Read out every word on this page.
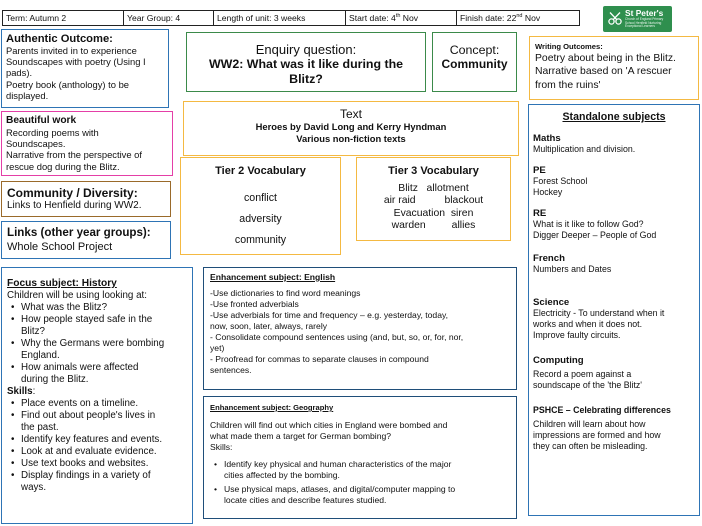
Term: Autumn 2	Year Group: 4	Length of unit: 3 weeks	Start date: 4th Nov	Finish date: 22nd Nov	St Peter's
Church of England Primary School Henfield Nurturing Exceptional Learners
Authentic Outcome:
Parents invited in to experience
Soundscapes with poetry (Using I
pads).
Poetry book (anthology) to be
displayed.
Enquiry question:
WW2: What was it like during the
Blitz?
Concept:
Community
Writing Outcomes:
Poetry about being in the Blitz.
Narrative based on 'A rescuer
from the ruins'
Beautiful work
Recording poems with
Soundscapes.
Narrative from the perspective of
rescue dog during the Blitz.
Text
Heroes by David Long and Kerry Hyndman
Various non-fiction texts
Community / Diversity:
Links to Henfield during WW2.
Tier 2 Vocabulary
conflict
adversity
community
Tier 3 Vocabulary
Blitz   allotment
air raid          blackout
Evacuation  siren
warden         allies
Links (other year groups):
Whole School Project
Standalone subjects
Maths
Multiplication and division.
PE
Forest School
Hockey
RE
What is it like to follow God?
Digger Deeper – People of God
French
Numbers and Dates
Science
Electricity - To understand when it
works and when it does not.
Improve faulty circuits.
Computing
Record a poem against a
soundscape of the 'the Blitz'
PSHCE – Celebrating differences
Children will learn about how
impressions are formed and how
they can often be misleading.
Focus subject: History
Children will be using looking at:
• What was the Blitz?
• How people stayed safe in the
Blitz?
• Why the Germans were bombing
England.
• How animals were affected
during the Blitz.
Skills:
• Place events on a timeline.
• Find out about people's lives in
the past.
• Identify key features and events.
• Look at and evaluate evidence.
• Use text books and websites.
• Display findings in a variety of
ways.
Enhancement subject: English
-Use dictionaries to find word meanings
-Use fronted adverbials
-Use adverbials for time and frequency – e.g. yesterday, today,
now, soon, later, always, rarely
- Consolidate compound sentences using (and, but, so, or, for, nor,
yet)
- Proofread for commas to separate clauses in compound
sentences.
Enhancement subject: Geography
Children will find out which cities in England were bombed and
what made them a target for German bombing?
Skills:
• Identify key physical and human characteristics of the major
cities affected by the bombing.
• Use physical maps, atlases, and digital/computer mapping to
locate cities and describe features studied.
